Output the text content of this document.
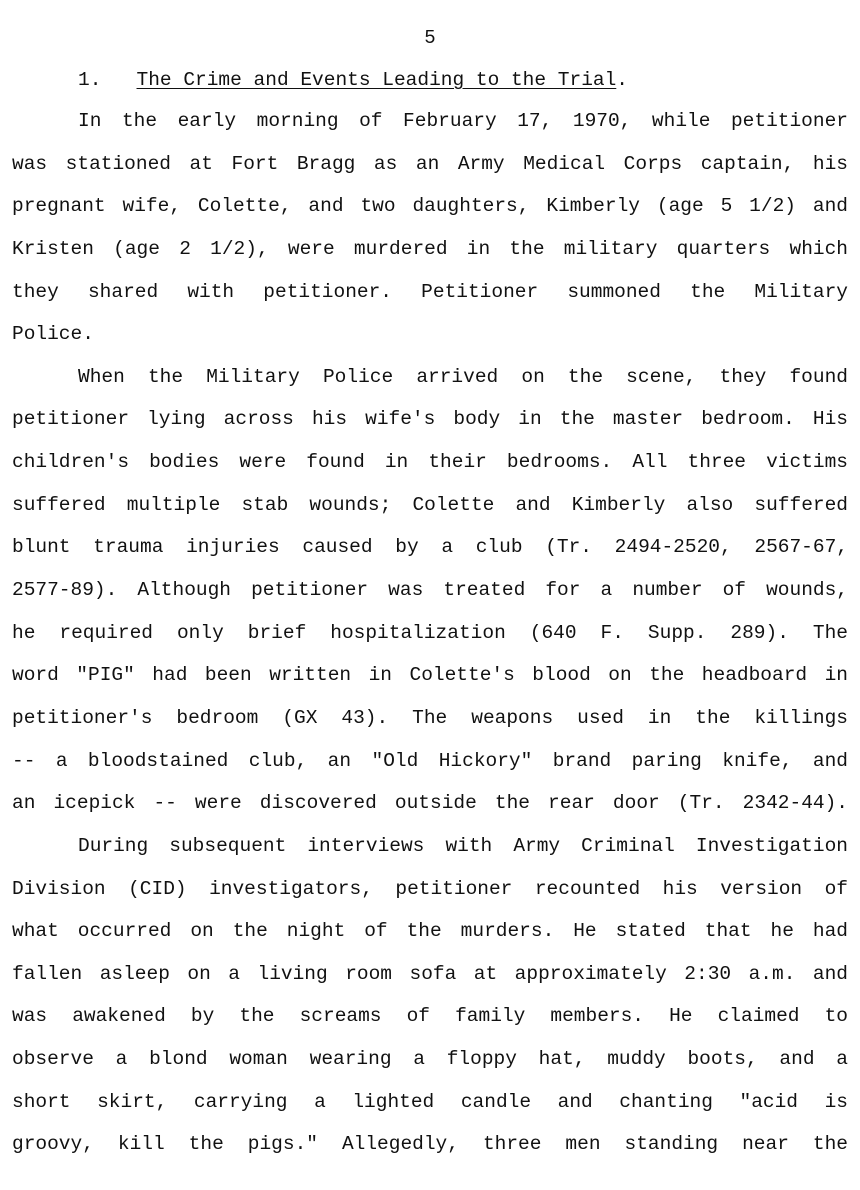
5
1. The Crime and Events Leading to the Trial.
In the early morning of February 17, 1970, while petitioner
was stationed at Fort Bragg as an Army Medical Corps captain, his
pregnant wife, Colette, and two daughters, Kimberly (age 5 1/2) and
Kristen (age 2 1/2), were murdered in the military quarters which
they shared with petitioner. Petitioner summoned the Military
Police.
When the Military Police arrived on the scene, they found
petitioner lying across his wife's body in the master bedroom. His
children's bodies were found in their bedrooms. All three victims
suffered multiple stab wounds; Colette and Kimberly also suffered
blunt trauma injuries caused by a club (Tr. 2494-2520, 2567-67,
2577-89). Although petitioner was treated for a number of wounds,
he required only brief hospitalization (640 F. Supp. 289). The
word "PIG" had been written in Colette's blood on the headboard in
petitioner's bedroom (GX 43). The weapons used in the killings
-- a bloodstained club, an "Old Hickory" brand paring knife, and
an icepick -- were discovered outside the rear door (Tr. 2342-44).
During subsequent interviews with Army Criminal Investigation
Division (CID) investigators, petitioner recounted his version of
what occurred on the night of the murders. He stated that he had
fallen asleep on a living room sofa at approximately 2:30 a.m. and
was awakened by the screams of family members. He claimed to
observe a blond woman wearing a floppy hat, muddy boots, and a
short skirt, carrying a lighted candle and chanting "acid is
groovy, kill the pigs." Allegedly, three men standing near the
